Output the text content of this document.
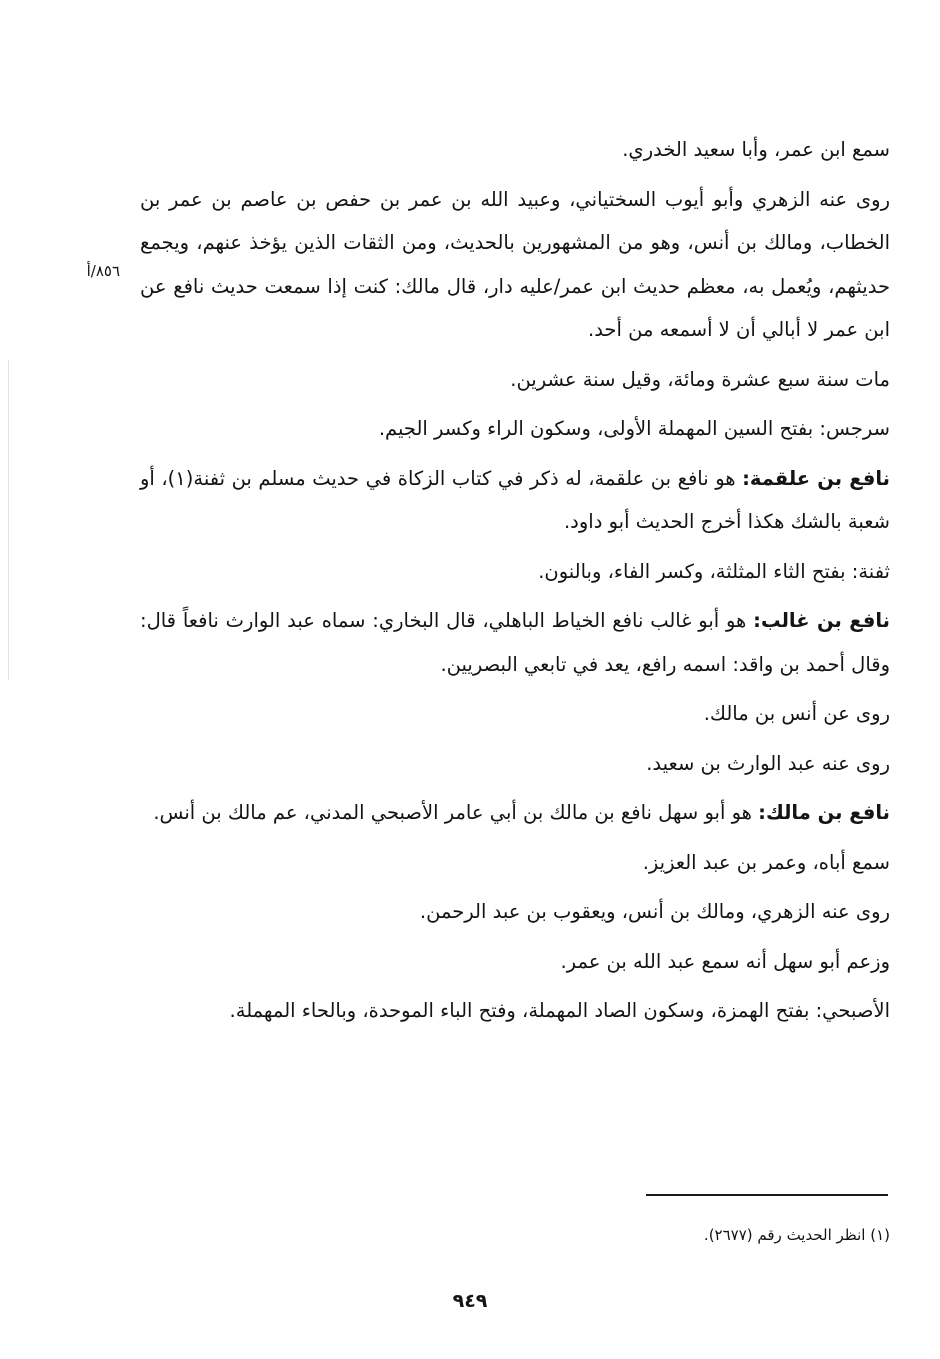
٨٥٦/أ

سمع ابن عمر، وأبا سعيد الخدري.

روى عنه الزهري وأبو أيوب السختياني، وعبيد الله بن عمر بن حفص بن عاصم بن عمر بن الخطاب، ومالك بن أنس، وهو من المشهورين بالحديث، ومن الثقات الذين يؤخذ عنهم، ويجمع حديثهم، ويُعمل به، معظم حديث ابن عمر/عليه دار، قال مالك: كنت إذا سمعت حديث نافع عن ابن عمر لا أبالي أن لا أسمعه من أحد.

مات سنة سبع عشرة ومائة، وقيل سنة عشرين.

سرجس: بفتح السين المهملة الأولى، وسكون الراء وكسر الجيم.

نافع بن علقمة: هو نافع بن علقمة، له ذكر في كتاب الزكاة في حديث مسلم بن ثفنة(١)، أو شعبة بالشك هكذا أخرج الحديث أبو داود.

ثفنة: بفتح الثاء المثلثة، وكسر الفاء، وبالنون.

نافع بن غالب: هو أبو غالب نافع الخياط الباهلي، قال البخاري: سماه عبد الوارث نافعاً قال: وقال أحمد بن واقد: اسمه رافع، يعد في تابعي البصريين.

روى عن أنس بن مالك.

روى عنه عبد الوارث بن سعيد.

نافع بن مالك: هو أبو سهل نافع بن مالك بن أبي عامر الأصبحي المدني، عم مالك بن أنس.

سمع أباه، وعمر بن عبد العزيز.

روى عنه الزهري، ومالك بن أنس، ويعقوب بن عبد الرحمن.

وزعم أبو سهل أنه سمع عبد الله بن عمر.

الأصبحي: بفتح الهمزة، وسكون الصاد المهملة، وفتح الباء الموحدة، وبالحاء المهملة.

(١) انظر الحديث رقم (٢٦٧٧).
٩٤٩
